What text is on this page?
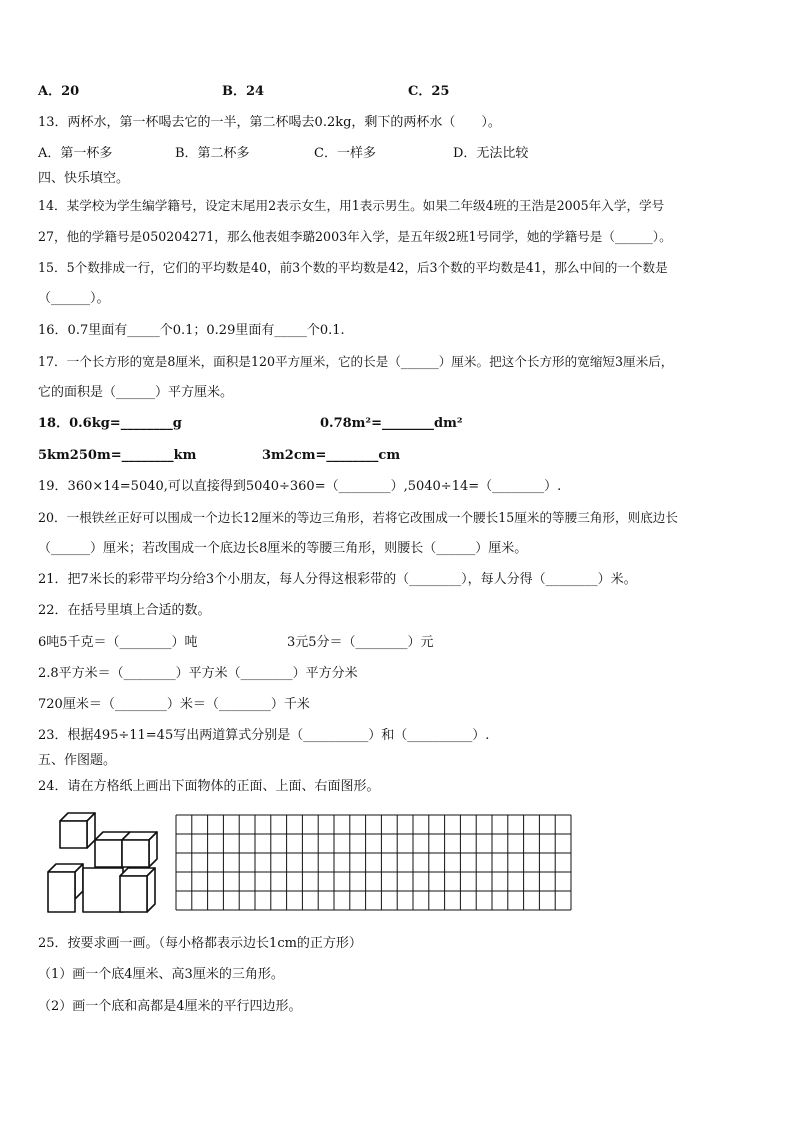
A．20	B．24	C．25
13．两杯水，第一杯喝去它的一半，第二杯喝去0.2kg，剩下的两杯水（　　）。
A．第一杯多	B．第二杯多	C．一样多	D．无法比较
四、快乐填空。
14．某学校为学生编学籍号，设定末尾用2表示女生，用1表示男生。如果二年级4班的王浩是2005年入学，学号
27，他的学籍号是050204271，那么他表姐李璐2003年入学，是五年级2班1号同学，她的学籍号是（______）。
15．5个数排成一行，它们的平均数是40，前3个数的平均数是42，后3个数的平均数是41，那么中间的一个数是
（______）。
16．0.7里面有_____个0.1；0.29里面有_____个0.1.
17．一个长方形的宽是8厘米，面积是120平方厘米，它的长是（______）厘米。把这个长方形的宽缩短3厘米后，
它的面积是（______）平方厘米。
18．0.6kg=________g	0.78m²=________dm²
5km250m=________km	3m2cm=________cm
19．360×14=5040,可以直接得到5040÷360=（________）,5040÷14=（________）.
20．一根铁丝正好可以围成一个边长12厘米的等边三角形，若将它改围成一个腰长15厘米的等腰三角形，则底边长
（______）厘米；若改围成一个底边长8厘米的等腰三角形，则腰长（______）厘米。
21．把7米长的彩带平均分给3个小朋友，每人分得这根彩带的（________），每人分得（________）米。
22．在括号里填上合适的数。
6吨5千克＝（________）吨	3元5分＝（________）元
2.8平方米＝（________）平方米（________）平方分米
720厘米＝（________）米＝（________）千米
23．根据495÷11=45写出两道算式分别是（__________）和（__________）.
五、作图题。
24．请在方格纸上画出下面物体的正面、上面、右面图形。
25．按要求画一画。（每小格都表示边长1cm的正方形）
（1）画一个底4厘米、高3厘米的三角形。
（2）画一个底和高都是4厘米的平行四边形。
